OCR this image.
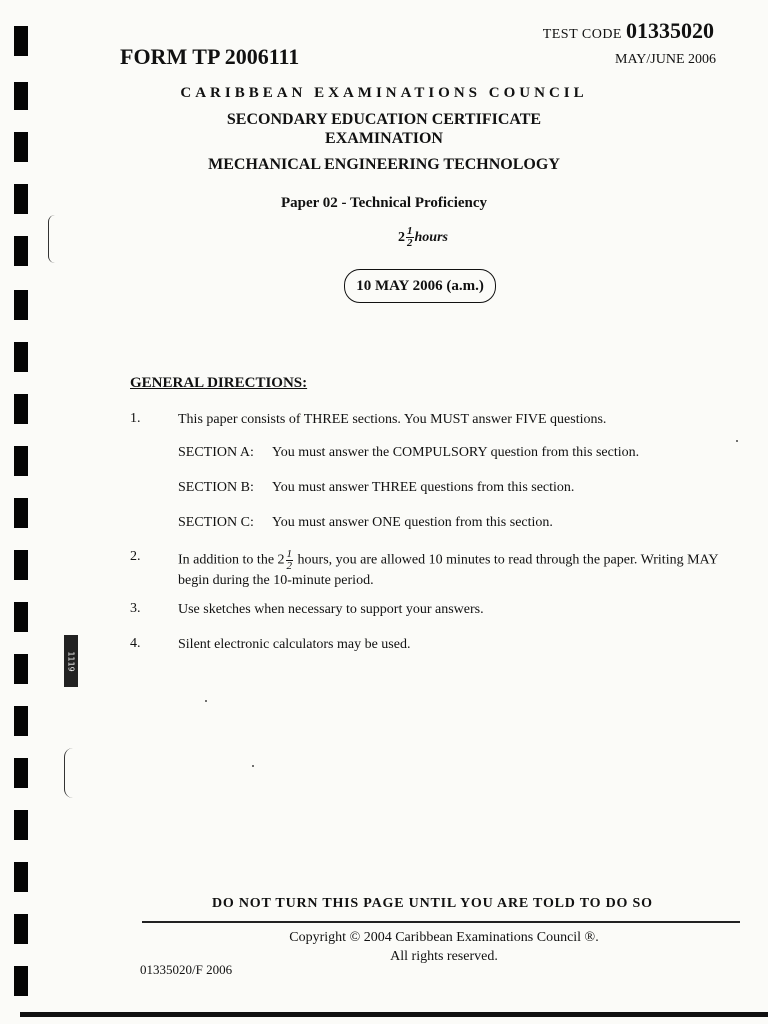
1119
TEST CODE 01335020
FORM TP 2006111	MAY/JUNE 2006
CARIBBEAN EXAMINATIONS COUNCIL
SECONDARY EDUCATION CERTIFICATE
EXAMINATION
MECHANICAL ENGINEERING TECHNOLOGY
Paper 02 - Technical Proficiency
$2 \frac{1}{2}$ hours
10 MAY 2006 (a.m.)
GENERAL DIRECTIONS:
1.	This paper consists of THREE sections. You MUST answer FIVE questions.
SECTION A: You must answer the COMPULSORY question from this section.
SECTION B: You must answer THREE questions from this section.
SECTION C: You must answer ONE question from this section.
2.	In addition to the $2 \frac{1}{2}$ hours, you are allowed 10 minutes to read through the paper. Writing MAY begin during the 10-minute period.
3.	Use sketches when necessary to support your answers.
4.	Silent electronic calculators may be used.
DO NOT TURN THIS PAGE UNTIL YOU ARE TOLD TO DO SO
Copyright © 2004 Caribbean Examinations Council ®.
All rights reserved.
01335020/F 2006
